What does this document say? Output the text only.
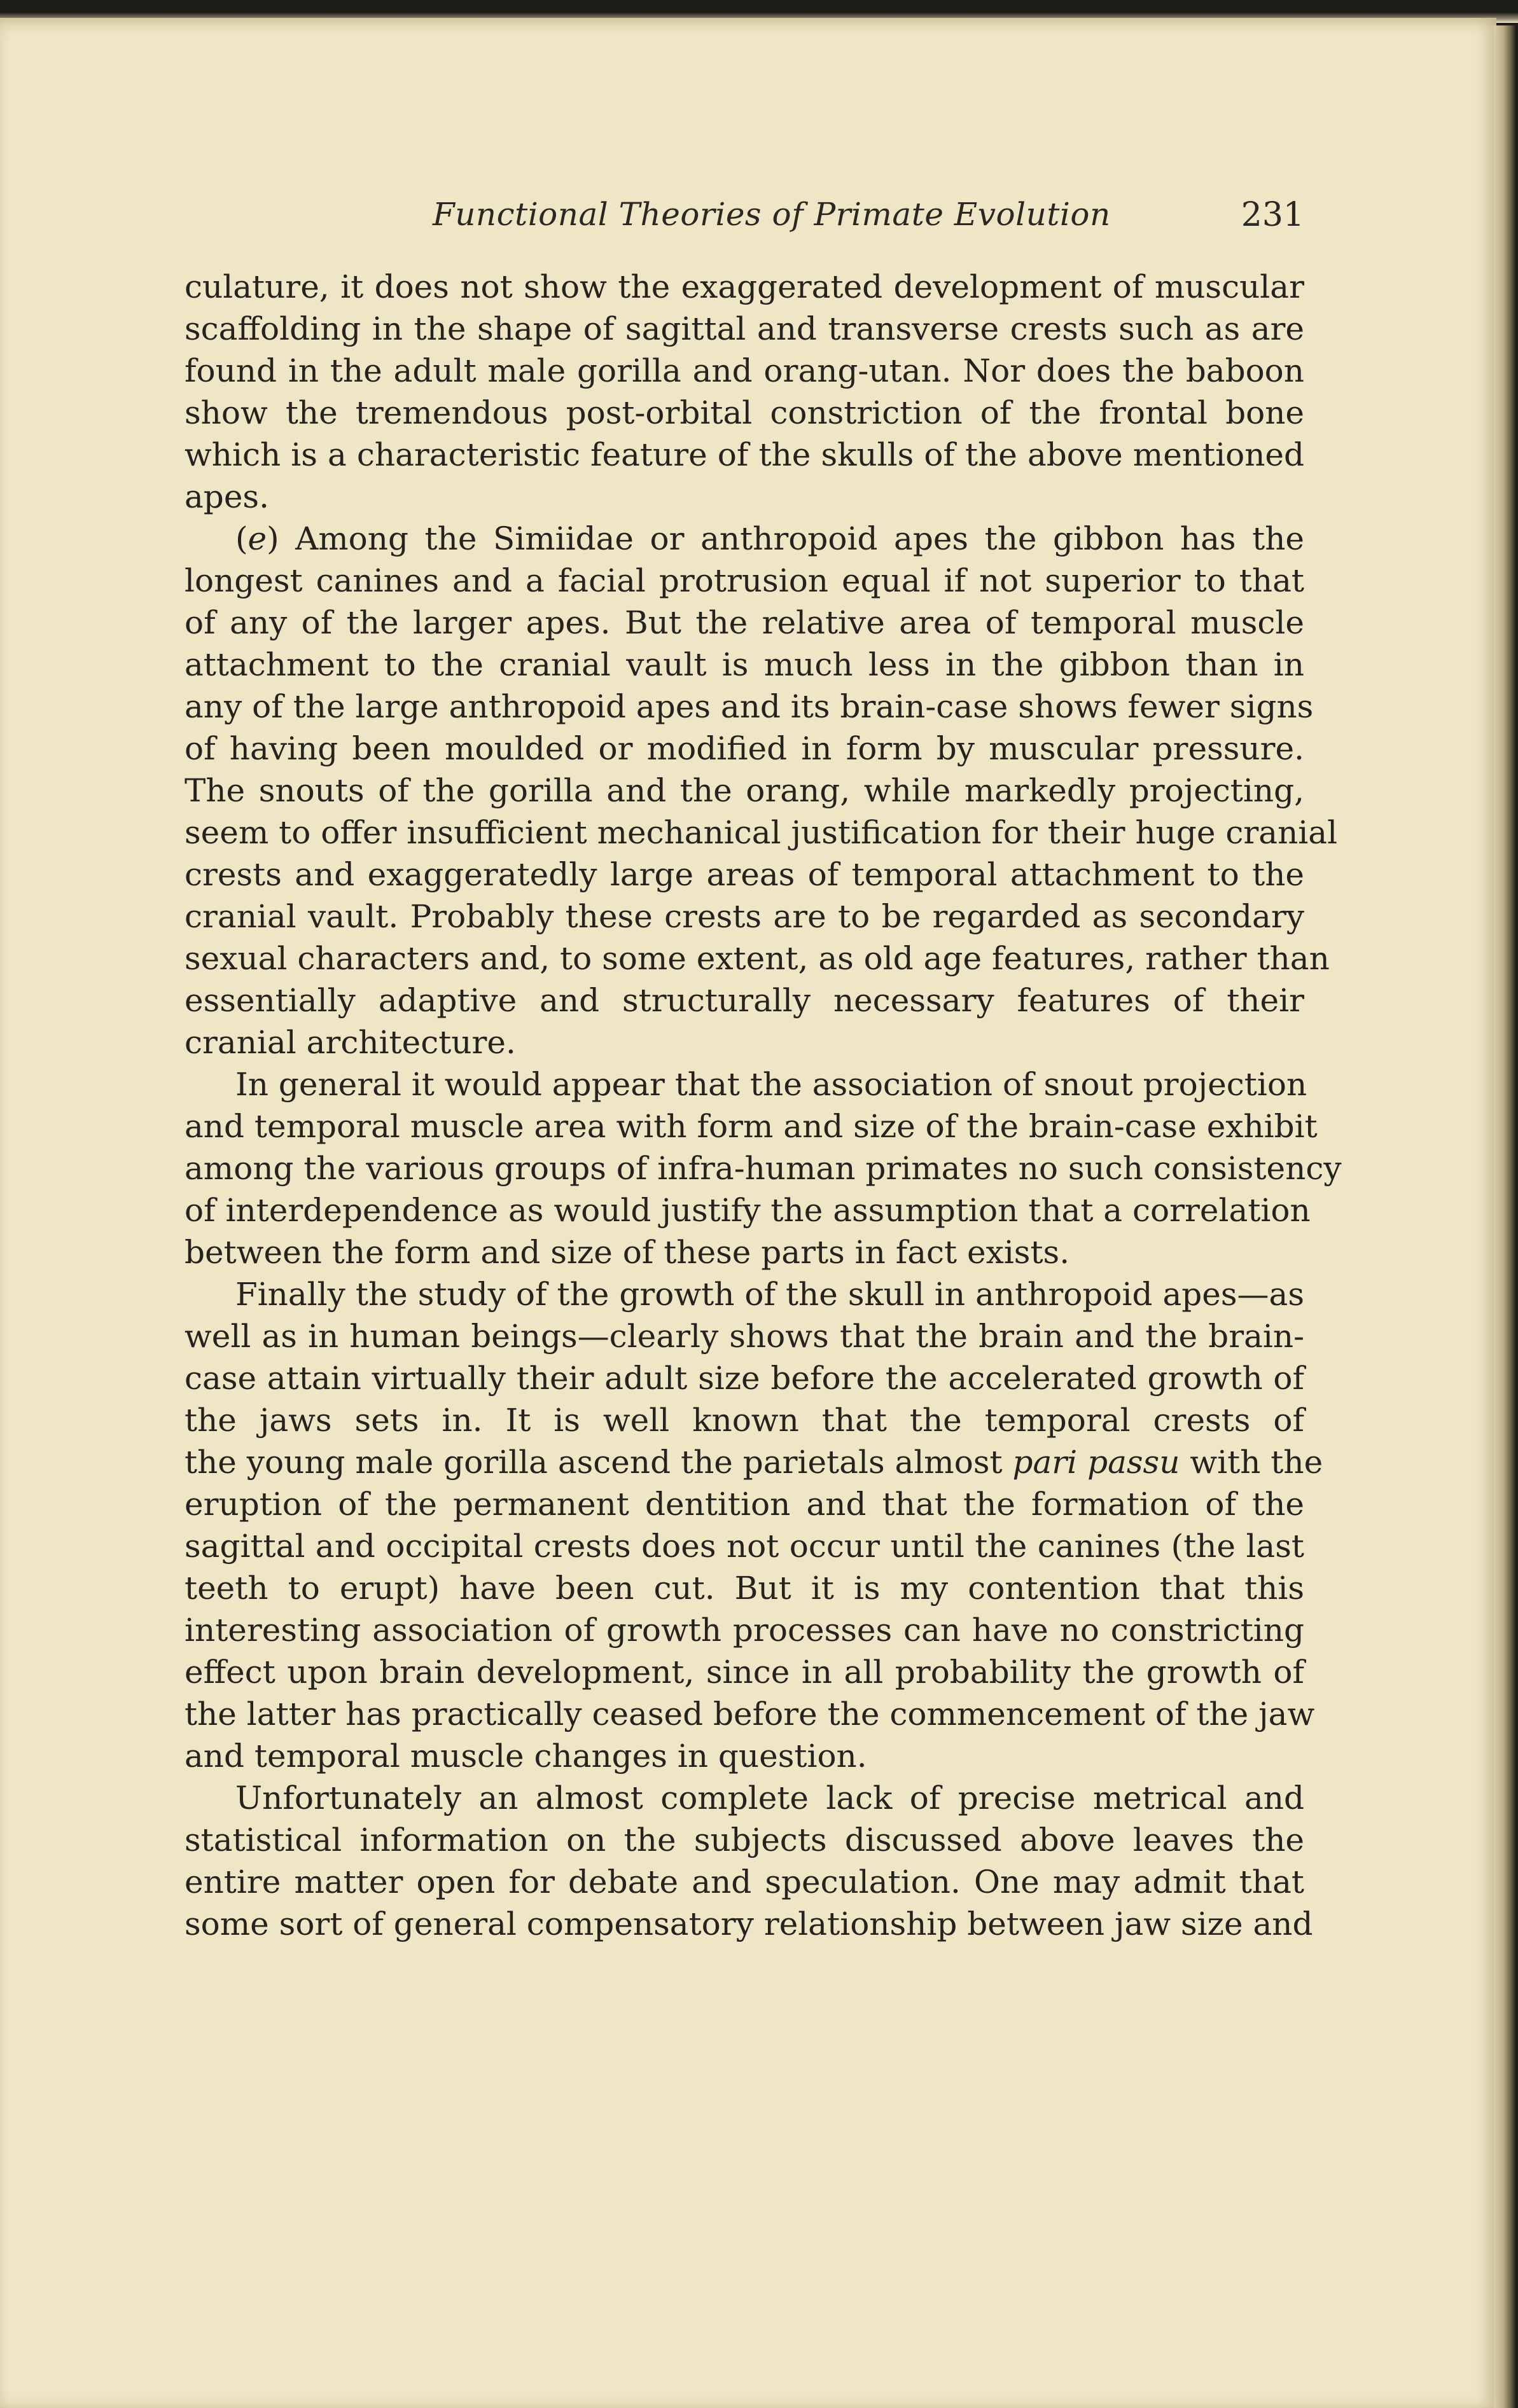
Functional Theories of Primate Evolution	231
culature, it does not show the exaggerated development of muscular
scaffolding in the shape of sagittal and transverse crests such as are
found in the adult male gorilla and orang-utan. Nor does the baboon
show the tremendous post-orbital constriction of the frontal bone
which is a characteristic feature of the skulls of the above mentioned
apes.
(e) Among the Simiidae or anthropoid apes the gibbon has the
longest canines and a facial protrusion equal if not superior to that
of any of the larger apes. But the relative area of temporal muscle
attachment to the cranial vault is much less in the gibbon than in
any of the large anthropoid apes and its brain-case shows fewer signs
of having been moulded or modified in form by muscular pressure.
The snouts of the gorilla and the orang, while markedly projecting,
seem to offer insufficient mechanical justification for their huge cranial
crests and exaggeratedly large areas of temporal attachment to the
cranial vault. Probably these crests are to be regarded as secondary
sexual characters and, to some extent, as old age features, rather than
essentially adaptive and structurally necessary features of their
cranial architecture.
In general it would appear that the association of snout projection
and temporal muscle area with form and size of the brain-case exhibit
among the various groups of infra-human primates no such consistency
of interdependence as would justify the assumption that a correlation
between the form and size of these parts in fact exists.
Finally the study of the growth of the skull in anthropoid apes—as
well as in human beings—clearly shows that the brain and the brain-
case attain virtually their adult size before the accelerated growth of
the jaws sets in. It is well known that the temporal crests of
the young male gorilla ascend the parietals almost pari passu with the
eruption of the permanent dentition and that the formation of the
sagittal and occipital crests does not occur until the canines (the last
teeth to erupt) have been cut. But it is my contention that this
interesting association of growth processes can have no constricting
effect upon brain development, since in all probability the growth of
the latter has practically ceased before the commencement of the jaw
and temporal muscle changes in question.
Unfortunately an almost complete lack of precise metrical and
statistical information on the subjects discussed above leaves the
entire matter open for debate and speculation. One may admit that
some sort of general compensatory relationship between jaw size and
